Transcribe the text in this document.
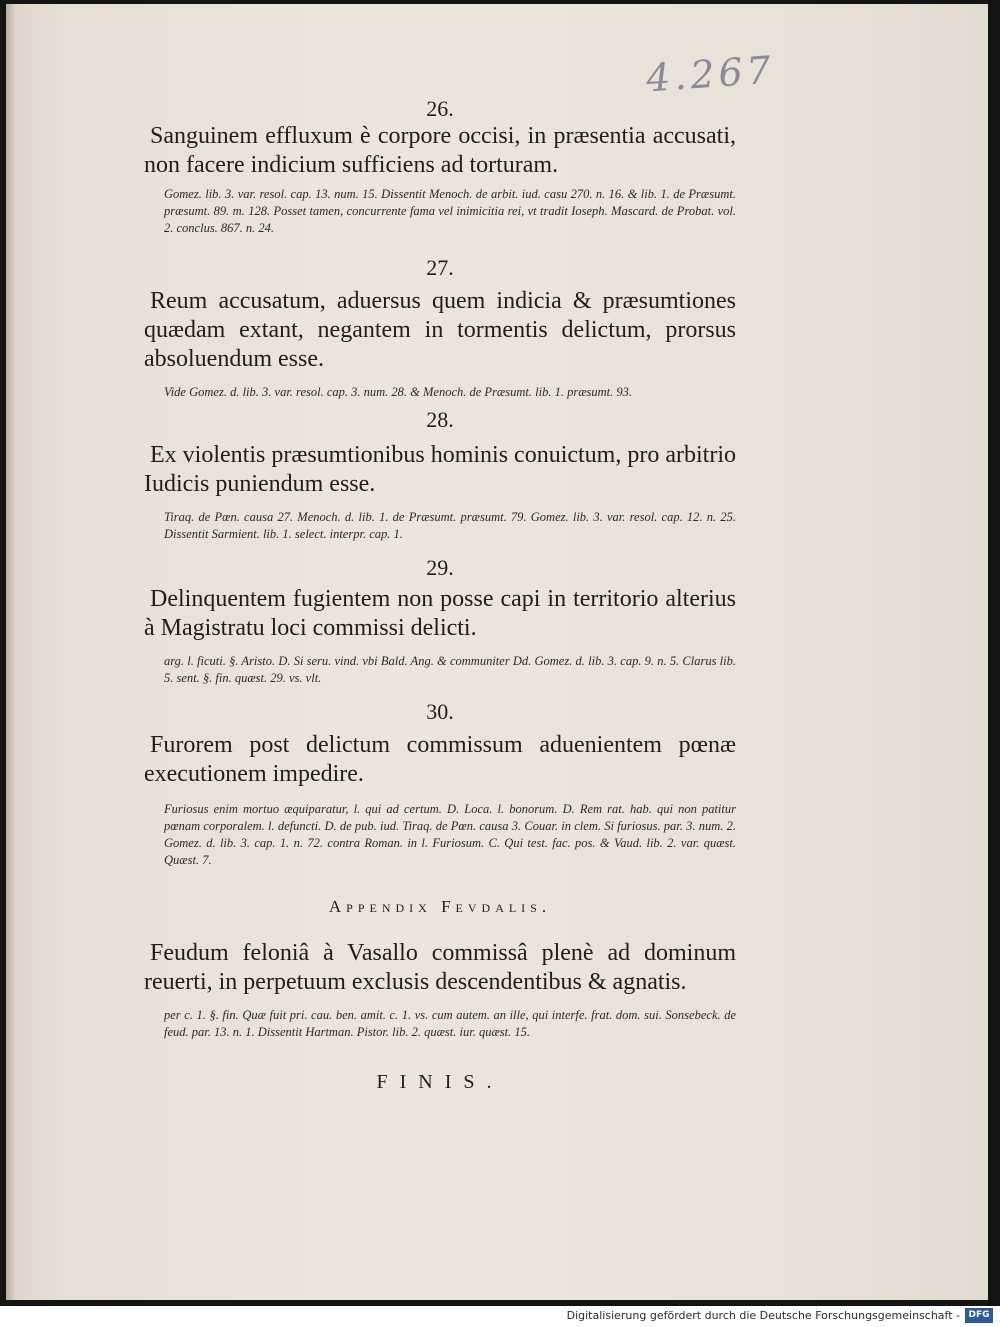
4.267

26.

Sanguinem effluxum è corpore occisi, in præsentia accusati, non facere indicium sufficiens ad torturam.

Gomez. lib. 3. var. resol. cap. 13. num. 15. Dissentit Menoch. de arbit. iud. casu 270. n. 16. & lib. 1. de Præsumt. præsumt. 89. m. 128. Posset tamen, concurrente fama vel inimicitia rei, vt tradit Ioseph. Mascard. de Probat. vol. 2. conclus. 867. n. 24.

27.

Reum accusatum, aduersus quem indicia & præsumtiones quædam extant, negantem in tormentis delictum, prorsus absoluendum esse.

Vide Gomez. d. lib. 3. var. resol. cap. 3. num. 28. & Menoch. de Præsumt. lib. 1. præsumt. 93.

28.

Ex violentis præsumtionibus hominis conuictum, pro arbitrio Iudicis puniendum esse.

Tiraq. de Pœn. causa 27. Menoch. d. lib. 1. de Præsumt. præsumt. 79. Gomez. lib. 3. var. resol. cap. 12. n. 25. Dissentit Sarmient. lib. 1. select. interpr. cap. 1.

29.

Delinquentem fugientem non posse capi in territorio alterius à Magistratu loci commissi delicti.

arg. l. ficuti. §. Aristo. D. Si seru. vind. vbi Bald. Ang. & communiter Dd. Gomez. d. lib. 3. cap. 9. n. 5. Clarus lib. 5. sent. §. fin. quæst. 29. vs. vlt.

30.

Furorem post delictum commissum aduenientem pœnæ executionem impedire.

Furiosus enim mortuo æquiparatur, l. qui ad certum. D. Loca. l. bonorum. D. Rem rat. hab. qui non patitur pœnam corporalem. l. defuncti. D. de pub. iud. Tiraq. de Pœn. causa 3. Couar. in clem. Si furiosus. par. 3. num. 2. Gomez. d. lib. 3. cap. 1. n. 72. contra Roman. in l. Furiosum. C. Qui test. fac. pos. & Vaud. lib. 2. var. quæst. Quæst. 7.

Appendix Fevdalis.

Feudum feloniâ à Vasallo commissâ plenè ad dominum reuerti, in perpetuum exclusis descendentibus & agnatis.

per c. 1. §. fin. Quæ fuit pri. cau. ben. amit. c. 1. vs. cum autem. an ille, qui interfe. frat. dom. sui. Sonsebeck. de feud. par. 13. n. 1. Dissentit Hartman. Pistor. lib. 2. quæst. iur. quæst. 15.

FINIS.

Digitalisierung gefördert durch die Deutsche Forschungsgemeinschaft - DFG
